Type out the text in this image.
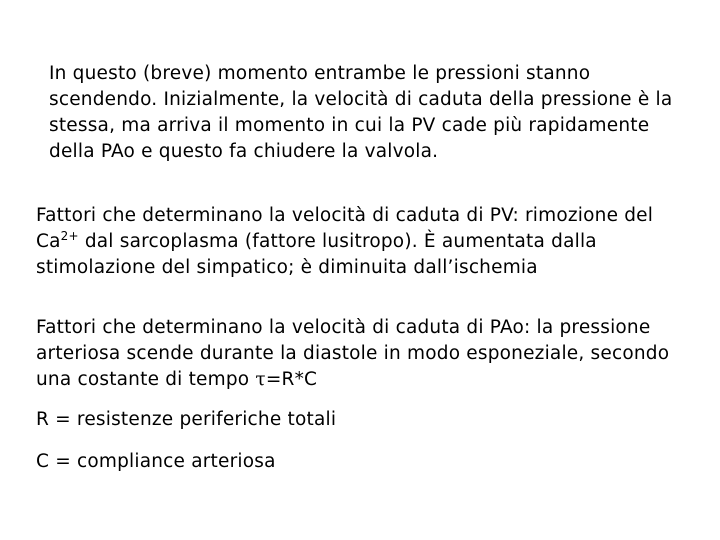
In questo (breve) momento entrambe le pressioni stanno scendendo. Inizialmente, la velocità di caduta della pressione è la stessa, ma arriva il momento in cui la PV cade più rapidamente della PAo e questo fa chiudere la valvola.

Fattori che determinano la velocità di caduta di PV: rimozione del $Ca^{2+}$ dal sarcoplasma (fattore lusitropo). È aumentata dalla stimolazione del simpatico; è diminuita dall’ischemia

Fattori che determinano la velocità di caduta di PAo: la pressione arteriosa scende durante la diastole in modo esponeziale, secondo una costante di tempo τ=R*C

R = resistenze periferiche totali

C = compliance arteriosa
